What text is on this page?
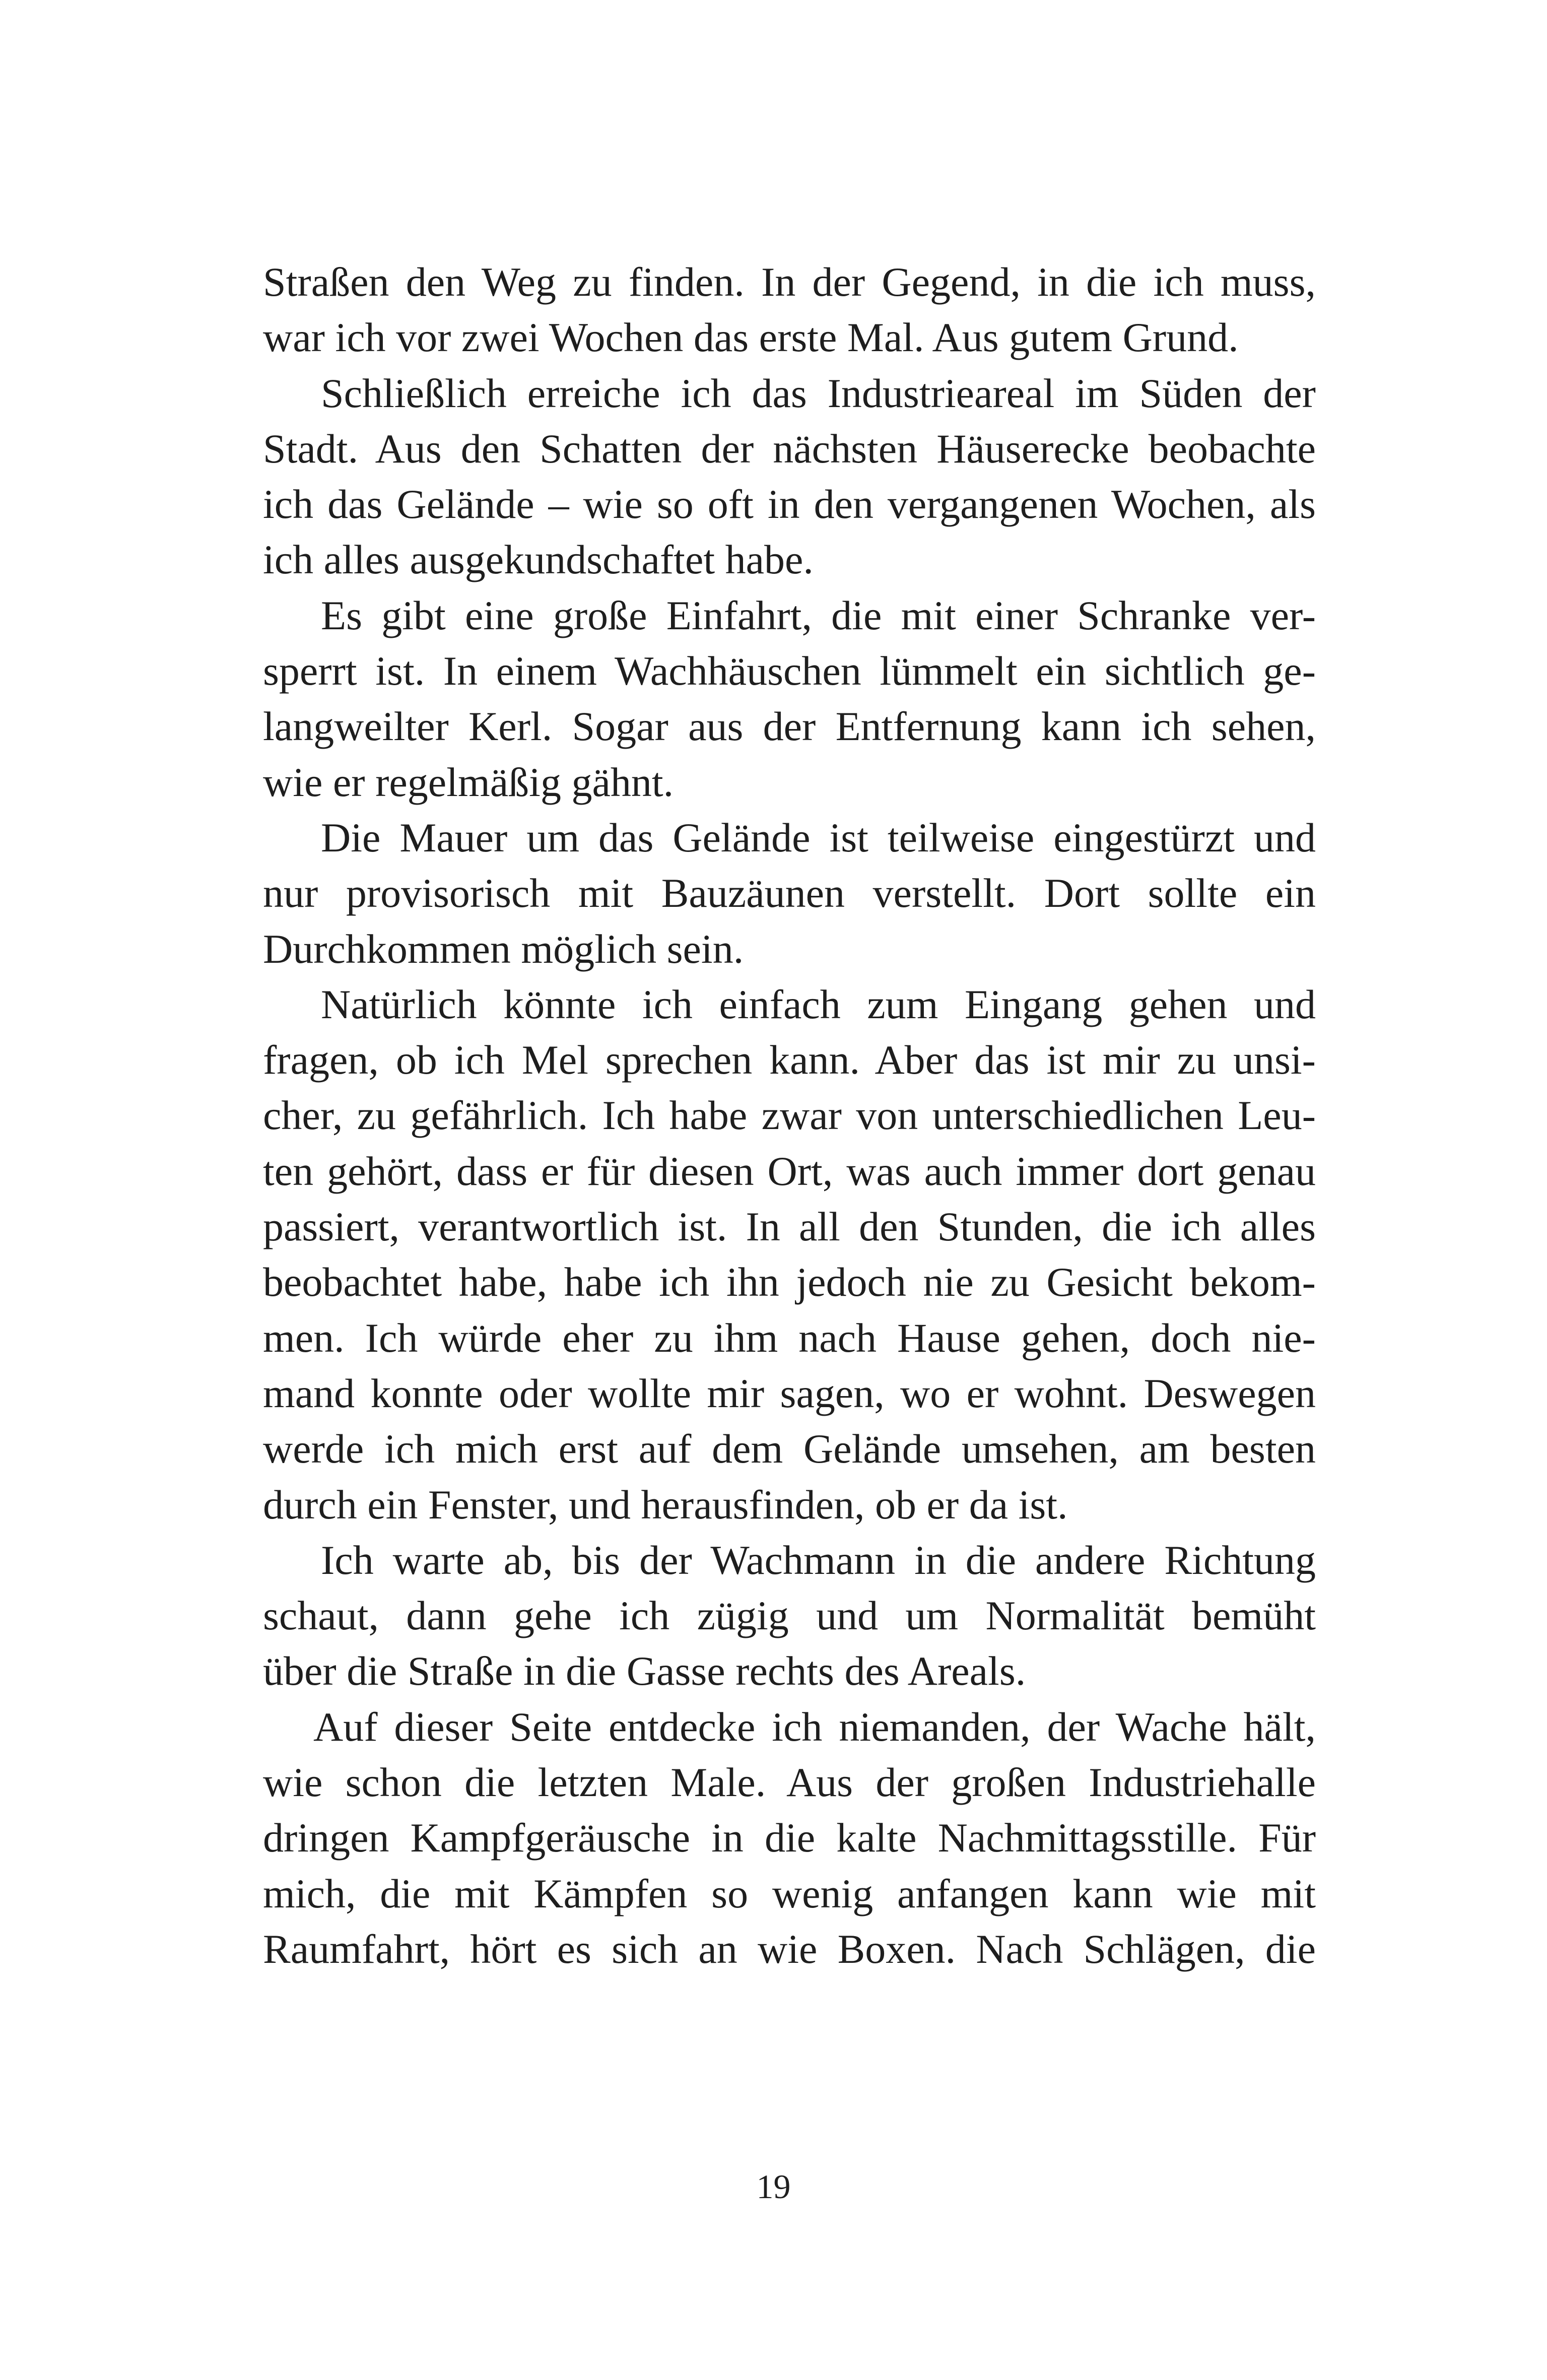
Straßen den Weg zu finden. In der Gegend, in die ich muss,
war ich vor zwei Wochen das erste Mal. Aus gutem Grund.
Schließlich erreiche ich das Industrieareal im Süden der
Stadt. Aus den Schatten der nächsten Häuserecke beobachte
ich das Gelände – wie so oft in den vergangenen Wochen, als
ich alles ausgekundschaftet habe.
Es gibt eine große Einfahrt, die mit einer Schranke ver-
sperrt ist. In einem Wachhäuschen lümmelt ein sichtlich ge-
langweilter Kerl. Sogar aus der Entfernung kann ich sehen,
wie er regelmäßig gähnt.
Die Mauer um das Gelände ist teilweise eingestürzt und
nur provisorisch mit Bauzäunen verstellt. Dort sollte ein
Durchkommen möglich sein.
Natürlich könnte ich einfach zum Eingang gehen und
fragen, ob ich Mel sprechen kann. Aber das ist mir zu unsi-
cher, zu gefährlich. Ich habe zwar von unterschiedlichen Leu-
ten gehört, dass er für diesen Ort, was auch immer dort genau
passiert, verantwortlich ist. In all den Stunden, die ich alles
beobachtet habe, habe ich ihn jedoch nie zu Gesicht bekom-
men. Ich würde eher zu ihm nach Hause gehen, doch nie-
mand konnte oder wollte mir sagen, wo er wohnt. Deswegen
werde ich mich erst auf dem Gelände umsehen, am besten
durch ein Fenster, und herausfinden, ob er da ist.
Ich warte ab, bis der Wachmann in die andere Richtung
schaut, dann gehe ich zügig und um Normalität bemüht
über die Straße in die Gasse rechts des Areals.
Auf dieser Seite entdecke ich niemanden, der Wache hält,
wie schon die letzten Male. Aus der großen Industriehalle
dringen Kampfgeräusche in die kalte Nachmittagsstille. Für
mich, die mit Kämpfen so wenig anfangen kann wie mit
Raumfahrt, hört es sich an wie Boxen. Nach Schlägen, die
19
